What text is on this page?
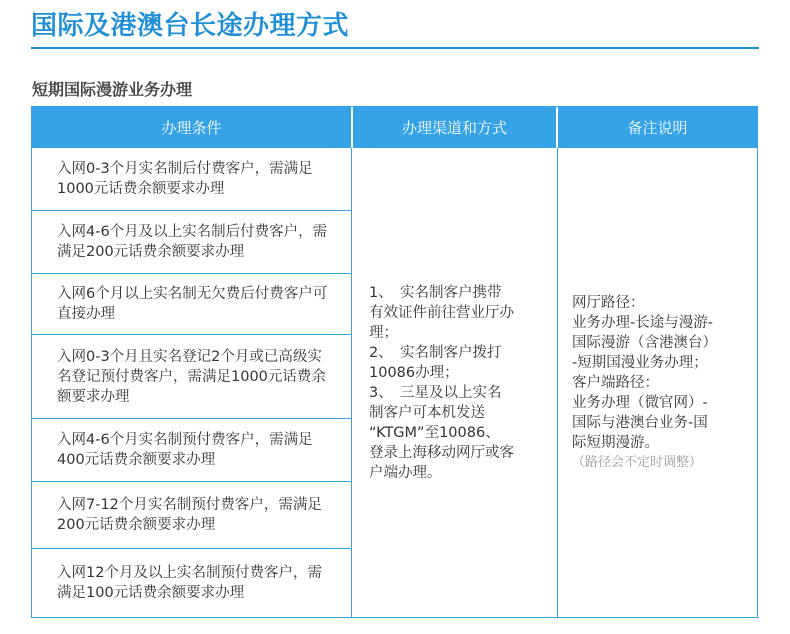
国际及港澳台长途办理方式
短期国际漫游业务办理
办理条件	办理渠道和方式	备注说明
入网0-3个月实名制后付费客户，需满足1000元话费余额要求办理
入网4-6个月及以上实名制后付费客户，需满足200元话费余额要求办理
入网6个月以上实名制无欠费后付费客户可直接办理
入网0-3个月且实名登记2个月或已高级实名登记预付费客户，需满足1000元话费余额要求办理
入网4-6个月实名制预付费客户，需满足400元话费余额要求办理
入网7-12个月实名制预付费客户，需满足200元话费余额要求办理
入网12个月及以上实名制预付费客户，需满足100元话费余额要求办理
1、　实名制客户携带
有效证件前往营业厅办
理；
2、　实名制客户拨打
10086办理；
3、　三星及以上实名
制客户可本机发送
“KTGM”至10086、
登录上海移动网厅或客
户端办理。
网厅路径：
业务办理-长途与漫游-
国际漫游（含港澳台）
-短期国漫业务办理；
客户端路径：
业务办理（微官网）-
国际与港澳台业务-国
际短期漫游。
（路径会不定时调整）
